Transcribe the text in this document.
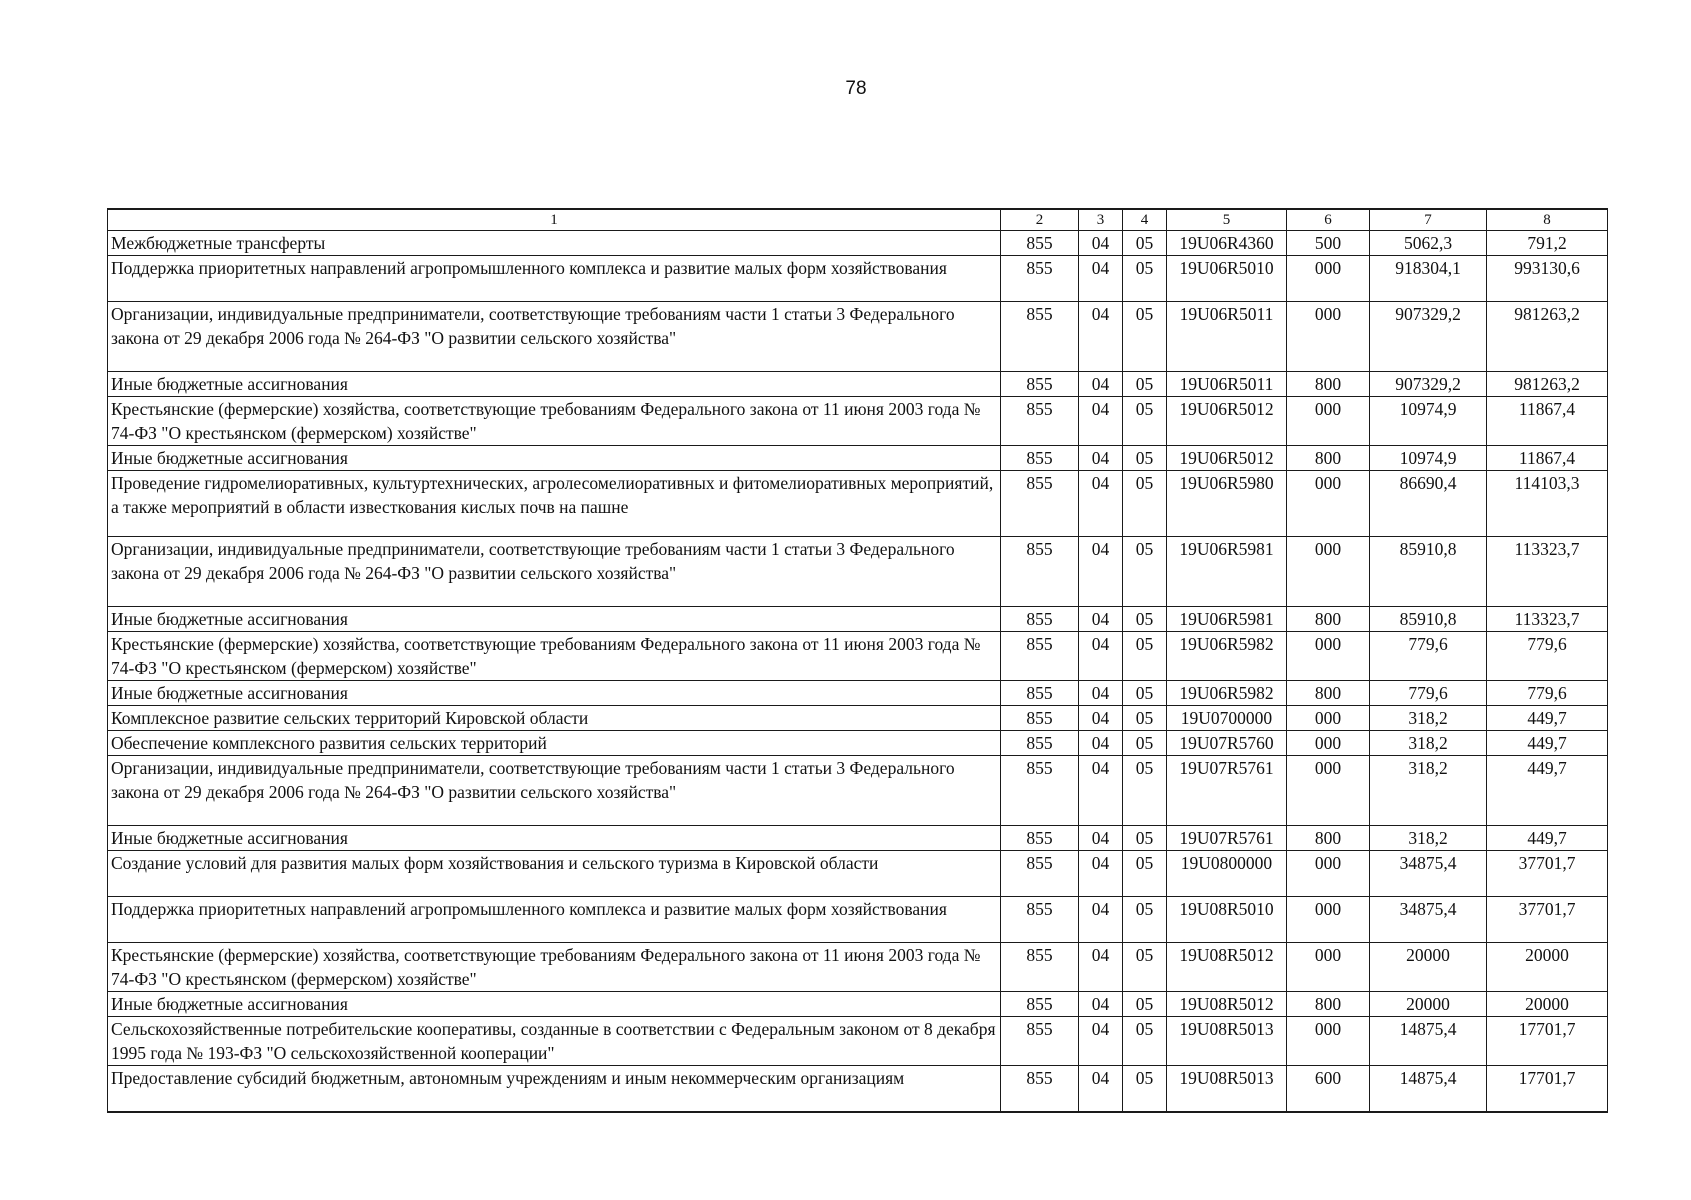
78
1	2	3	4	5	6	7	8
Межбюджетные трансферты	855	04	05	19U06R4360	500	5062,3	791,2
Поддержка приоритетных направлений агропромышленного комплекса и развитие малых форм хозяйствования	855	04	05	19U06R5010	000	918304,1	993130,6
Организации, индивидуальные предприниматели, соответствующие требованиям части 1 статьи 3 Федерального закона от 29 декабря 2006 года № 264-ФЗ "О развитии сельского хозяйства"	855	04	05	19U06R5011	000	907329,2	981263,2
Иные бюджетные ассигнования	855	04	05	19U06R5011	800	907329,2	981263,2
Крестьянские (фермерские) хозяйства, соответствующие требованиям Федерального закона от 11 июня 2003 года № 74-ФЗ "О крестьянском (фермерском) хозяйстве"	855	04	05	19U06R5012	000	10974,9	11867,4
Иные бюджетные ассигнования	855	04	05	19U06R5012	800	10974,9	11867,4
Проведение гидромелиоративных, культуртехнических, агролесомелиоративных и фитомелиоративных мероприятий, а также мероприятий в области известкования кислых почв на пашне	855	04	05	19U06R5980	000	86690,4	114103,3
Организации, индивидуальные предприниматели, соответствующие требованиям части 1 статьи 3 Федерального закона от 29 декабря 2006 года № 264-ФЗ "О развитии сельского хозяйства"	855	04	05	19U06R5981	000	85910,8	113323,7
Иные бюджетные ассигнования	855	04	05	19U06R5981	800	85910,8	113323,7
Крестьянские (фермерские) хозяйства, соответствующие требованиям Федерального закона от 11 июня 2003 года № 74-ФЗ "О крестьянском (фермерском) хозяйстве"	855	04	05	19U06R5982	000	779,6	779,6
Иные бюджетные ассигнования	855	04	05	19U06R5982	800	779,6	779,6
Комплексное развитие сельских территорий Кировской области	855	04	05	19U0700000	000	318,2	449,7
Обеспечение комплексного развития сельских территорий	855	04	05	19U07R5760	000	318,2	449,7
Организации, индивидуальные предприниматели, соответствующие требованиям части 1 статьи 3 Федерального закона от 29 декабря 2006 года № 264-ФЗ "О развитии сельского хозяйства"	855	04	05	19U07R5761	000	318,2	449,7
Иные бюджетные ассигнования	855	04	05	19U07R5761	800	318,2	449,7
Создание условий для развития малых форм хозяйствования и сельского туризма в Кировской области	855	04	05	19U0800000	000	34875,4	37701,7
Поддержка приоритетных направлений агропромышленного комплекса и развитие малых форм хозяйствования	855	04	05	19U08R5010	000	34875,4	37701,7
Крестьянские (фермерские) хозяйства, соответствующие требованиям Федерального закона от 11 июня 2003 года № 74-ФЗ "О крестьянском (фермерском) хозяйстве"	855	04	05	19U08R5012	000	20000	20000
Иные бюджетные ассигнования	855	04	05	19U08R5012	800	20000	20000
Сельскохозяйственные потребительские кооперативы, созданные в соответствии с Федеральным законом от 8 декабря 1995 года № 193-ФЗ "О сельскохозяйственной кооперации"	855	04	05	19U08R5013	000	14875,4	17701,7
Предоставление субсидий бюджетным, автономным учреждениям и иным некоммерческим организациям	855	04	05	19U08R5013	600	14875,4	17701,7
